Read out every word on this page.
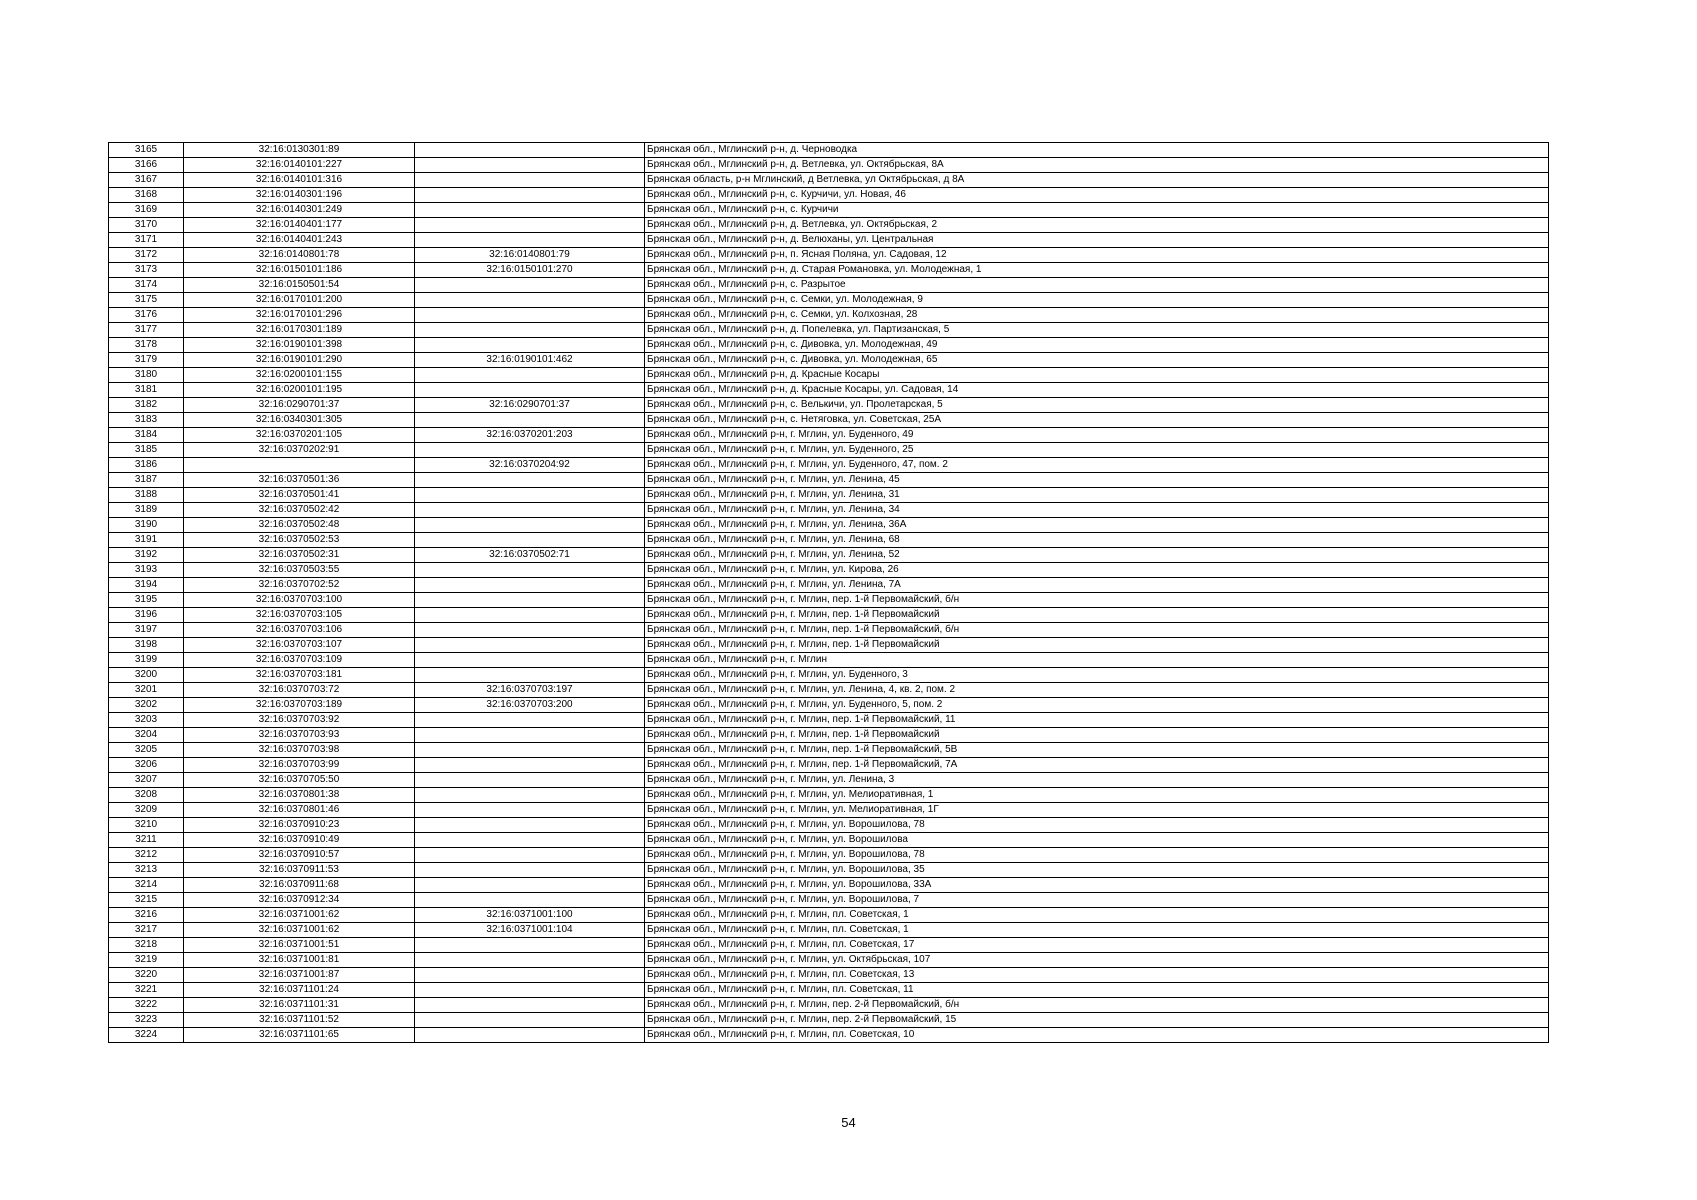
3165	32:16:0130301:89		Брянская обл., Мглинский р-н, д. Черноводка
3166	32:16:0140101:227		Брянская обл., Мглинский р-н, д. Ветлевка, ул. Октябрьская, 8А
3167	32:16:0140101:316		Брянская область, р-н Мглинский, д Ветлевка, ул Октябрьская, д 8А
3168	32:16:0140301:196		Брянская обл., Мглинский р-н, с. Курчичи, ул. Новая, 46
3169	32:16:0140301:249		Брянская обл., Мглинский р-н, с. Курчичи
3170	32:16:0140401:177		Брянская обл., Мглинский р-н, д. Ветлевка, ул. Октябрьская, 2
3171	32:16:0140401:243		Брянская обл., Мглинский р-н, д. Велюханы, ул. Центральная
3172	32:16:0140801:78	32:16:0140801:79	Брянская обл., Мглинский р-н, п. Ясная Поляна, ул. Садовая, 12
3173	32:16:0150101:186	32:16:0150101:270	Брянская обл., Мглинский р-н, д. Старая Романовка, ул. Молодежная, 1
3174	32:16:0150501:54		Брянская обл., Мглинский р-н, с. Разрытое
3175	32:16:0170101:200		Брянская обл., Мглинский р-н, с. Семки, ул. Молодежная, 9
3176	32:16:0170101:296		Брянская обл., Мглинский р-н, с. Семки, ул. Колхозная, 28
3177	32:16:0170301:189		Брянская обл., Мглинский р-н, д. Попелевка, ул. Партизанская, 5
3178	32:16:0190101:398		Брянская обл., Мглинский р-н, с. Дивовка, ул. Молодежная, 49
3179	32:16:0190101:290	32:16:0190101:462	Брянская обл., Мглинский р-н, с. Дивовка, ул. Молодежная, 65
3180	32:16:0200101:155		Брянская обл., Мглинский р-н, д. Красные Косары
3181	32:16:0200101:195		Брянская обл., Мглинский р-н, д. Красные Косары, ул. Садовая, 14
3182	32:16:0290701:37	32:16:0290701:37	Брянская обл., Мглинский р-н, с. Велькичи, ул. Пролетарская, 5
3183	32:16:0340301:305		Брянская обл., Мглинский р-н, с. Нетяговка, ул. Советская, 25А
3184	32:16:0370201:105	32:16:0370201:203	Брянская обл., Мглинский р-н, г. Мглин, ул. Буденного, 49
3185	32:16:0370202:91		Брянская обл., Мглинский р-н, г. Мглин, ул. Буденного, 25
3186		32:16:0370204:92	Брянская обл., Мглинский р-н, г. Мглин, ул. Буденного, 47, пом. 2
3187	32:16:0370501:36		Брянская обл., Мглинский р-н, г. Мглин, ул. Ленина, 45
3188	32:16:0370501:41		Брянская обл., Мглинский р-н, г. Мглин, ул. Ленина, 31
3189	32:16:0370502:42		Брянская обл., Мглинский р-н, г. Мглин, ул. Ленина, 34
3190	32:16:0370502:48		Брянская обл., Мглинский р-н, г. Мглин, ул. Ленина, 36А
3191	32:16:0370502:53		Брянская обл., Мглинский р-н, г. Мглин, ул. Ленина, 68
3192	32:16:0370502:31	32:16:0370502:71	Брянская обл., Мглинский р-н, г. Мглин, ул. Ленина, 52
3193	32:16:0370503:55		Брянская обл., Мглинский р-н, г. Мглин, ул. Кирова, 26
3194	32:16:0370702:52		Брянская обл., Мглинский р-н, г. Мглин, ул. Ленина, 7А
3195	32:16:0370703:100		Брянская обл., Мглинский р-н, г. Мглин, пер. 1-й Первомайский, б/н
3196	32:16:0370703:105		Брянская обл., Мглинский р-н, г. Мглин, пер. 1-й Первомайский
3197	32:16:0370703:106		Брянская обл., Мглинский р-н, г. Мглин, пер. 1-й Первомайский, б/н
3198	32:16:0370703:107		Брянская обл., Мглинский р-н, г. Мглин, пер. 1-й Первомайский
3199	32:16:0370703:109		Брянская обл., Мглинский р-н, г. Мглин
3200	32:16:0370703:181		Брянская обл., Мглинский р-н, г. Мглин, ул. Буденного, 3
3201	32:16:0370703:72	32:16:0370703:197	Брянская обл., Мглинский р-н, г. Мглин, ул. Ленина, 4, кв. 2, пом. 2
3202	32:16:0370703:189	32:16:0370703:200	Брянская обл., Мглинский р-н, г. Мглин, ул. Буденного, 5, пом. 2
3203	32:16:0370703:92		Брянская обл., Мглинский р-н, г. Мглин, пер. 1-й Первомайский, 11
3204	32:16:0370703:93		Брянская обл., Мглинский р-н, г. Мглин, пер. 1-й Первомайский
3205	32:16:0370703:98		Брянская обл., Мглинский р-н, г. Мглин, пер. 1-й Первомайский, 5В
3206	32:16:0370703:99		Брянская обл., Мглинский р-н, г. Мглин, пер. 1-й Первомайский, 7А
3207	32:16:0370705:50		Брянская обл., Мглинский р-н, г. Мглин, ул. Ленина, 3
3208	32:16:0370801:38		Брянская обл., Мглинский р-н, г. Мглин, ул. Мелиоративная, 1
3209	32:16:0370801:46		Брянская обл., Мглинский р-н, г. Мглин, ул. Мелиоративная, 1Г
3210	32:16:0370910:23		Брянская обл., Мглинский р-н, г. Мглин, ул. Ворошилова, 78
3211	32:16:0370910:49		Брянская обл., Мглинский р-н, г. Мглин, ул. Ворошилова
3212	32:16:0370910:57		Брянская обл., Мглинский р-н, г. Мглин, ул. Ворошилова, 78
3213	32:16:0370911:53		Брянская обл., Мглинский р-н, г. Мглин, ул. Ворошилова, 35
3214	32:16:0370911:68		Брянская обл., Мглинский р-н, г. Мглин, ул. Ворошилова, 33А
3215	32:16:0370912:34		Брянская обл., Мглинский р-н, г. Мглин, ул. Ворошилова, 7
3216	32:16:0371001:62	32:16:0371001:100	Брянская обл., Мглинский р-н, г. Мглин, пл. Советская, 1
3217	32:16:0371001:62	32:16:0371001:104	Брянская обл., Мглинский р-н, г. Мглин, пл. Советская, 1
3218	32:16:0371001:51		Брянская обл., Мглинский р-н, г. Мглин, пл. Советская, 17
3219	32:16:0371001:81		Брянская обл., Мглинский р-н, г. Мглин, ул. Октябрьская, 107
3220	32:16:0371001:87		Брянская обл., Мглинский р-н, г. Мглин, пл. Советская, 13
3221	32:16:0371101:24		Брянская обл., Мглинский р-н, г. Мглин, пл. Советская, 11
3222	32:16:0371101:31		Брянская обл., Мглинский р-н, г. Мглин, пер. 2-й Первомайский, б/н
3223	32:16:0371101:52		Брянская обл., Мглинский р-н, г. Мглин, пер. 2-й Первомайский, 15
3224	32:16:0371101:65		Брянская обл., Мглинский р-н, г. Мглин, пл. Советская, 10
54
